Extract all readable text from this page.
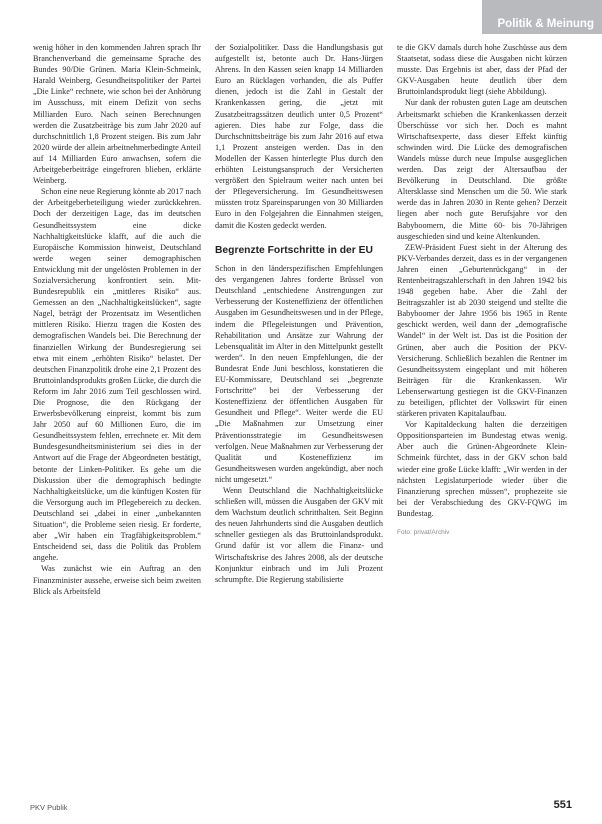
Politik & Meinung

wenig höher in den kommenden Jahren sprach Ihr Branchenverband die gemeinsame Sprache des Bundes 90/Die Grünen. Maria Klein-Schmeink, Harald Weinberg, Gesundheitspolitiker der Partei „Die Linke“ rechnete, wie schon bei der Anhörung im Ausschuss, mit einem Defizit von sechs Milliarden Euro. Nach seinen Berechnungen werden die Zusatzbeiträge bis zum Jahr 2020 auf durchschnittlich 1,8 Prozent steigen. Bis zum Jahr 2020 würde der allein arbeitnehmerbedingte Anteil auf 14 Milliarden Euro anwachsen, sofern die Arbeitgeberbeiträge eingefroren blieben, erklärte Weinberg.

Schon eine neue Regierung könnte ab 2017 nach der Arbeitgeberbeteiligung wieder zurückkehren. Doch der derzeitigen Lage, das im deutschen Gesundheitssystem eine dicke Nachhaltigkeitslücke klafft, auf die auch die Europäische Kommission hinweist, Deutschland werde wegen seiner demographischen Entwicklung mit der ungelösten Problemen in der Sozialversicherung konfrontiert sein. Mit-Bundesrepublik ein „mittleres Risiko“ aus. Gemessen an den „Nachhaltigkeitslücken“, sagte Nagel, beträgt der Prozentsatz im Wesentlichen mittleren Risiko. Hierzu tragen die Kosten des demografischen Wandels bei. Die Berechnung der finanziellen Wirkung der Bundesregierung sei etwa mit einem „erhöhten Risiko“ belastet. Der deutschen Finanzpolitik drohe eine 2,1 Prozent des Bruttoinlandsprodukts großen Lücke, die durch die Reform im Jahr 2016 zum Teil geschlossen wird. Die Prognose, die den Rückgang der Erwerbsbevölkerung einpreist, kommt bis zum Jahr 2050 auf 60 Millionen Euro, die im Gesundheitssystem fehlen, errechnete er. Mit dem Bundesgesundheitsministerium sei dies in der Antwort auf die Frage der Abgeordneten bestätigt, betonte der Linken-Politiker. Es gehe um die Diskussion über die demographisch bedingte Nachhaltigkeitslücke, um die künftigen Kosten für die Versorgung auch im Pflegebereich zu decken. Deutschland sei „dabei in einer „unbekannten Situation“, die Probleme seien riesig. Er forderte, aber „Wir haben ein Tragfähigkeitsproblem.“ Entscheidend sei, dass die Politik das Problem angehe.

Was zunächst wie ein Auftrag an den Finanzminister aussehe, erweise sich beim zweiten Blick als Arbeitsfeld

der Sozialpolitiker. Dass die Handlungsbasis gut aufgestellt ist, betonte auch Dr. Hans-Jürgen Ahrens. In den Kassen seien knapp 14 Milliarden Euro an Rücklagen vorhanden, die als Puffer dienen, jedoch ist die Zahl in Gestalt der Krankenkassen gering, die „jetzt mit Zusatzbeitragssätzen deutlich unter 0,5 Prozent“ agieren. Dies habe zur Folge, dass die Durchschnittsbeiträge bis zum Jahr 2016 auf etwa 1,1 Prozent ansteigen werden. Das in den Modellen der Kassen hinterlegte Plus durch den erhöhten Leistungsanspruch der Versicherten vergrößert den Spielraum weiter nach unten bei der Pflegeversicherung. Im Gesundheitswesen müssten trotz Spareinsparungen von 30 Milliarden Euro in den Folgejahren die Einnahmen steigen, damit die Kosten gedeckt werden.

Begrenzte Fortschritte in der EU

Schon in den länderspezifischen Empfehlungen des vergangenen Jahres forderte Brüssel von Deutschland „entschiedene Anstrengungen zur Verbesserung der Kosteneffizienz der öffentlichen Ausgaben im Gesundheitswesen und in der Pflege, indem die Pflegeleistungen und Prävention, Rehabilitation und Ansätze zur Wahrung der Lebensqualität im Alter in den Mittelpunkt gestellt werden“. In den neuen Empfehlungen, die der Bundesrat Ende Juni beschloss, konstatieren die EU-Kommissare, Deutschland sei „begrenzte Fortschritte“ bei der Verbesserung der Kosteneffizienz der öffentlichen Ausgaben für Gesundheit und Pflege“. Weiter werde die EU „Die Maßnahmen zur Umsetzung einer Präventionsstrategie im Gesundheitswesen verfolgen. Neue Maßnahmen zur Verbesserung der Qualität und Kosteneffizienz im Gesundheitswesen wurden angekündigt, aber noch nicht umgesetzt.“

Wenn Deutschland die Nachhaltigkeitslücke schließen will, müssen die Ausgaben der GKV mit dem Wachstum deutlich schritthalten. Seit Beginn des neuen Jahrhunderts sind die Ausgaben deutlich schneller gestiegen als das Bruttoinlandsprodukt. Grund dafür ist vor allem die Finanz- und Wirtschaftskrise des Jahres 2008, als der deutsche Konjunktur einbrach und im Juli Prozent schrumpfte. Die Regierung stabilisierte

te die GKV damals durch hohe Zuschüsse aus dem Staatsetat, sodass diese die Ausgaben nicht kürzen musste. Das Ergebnis ist aber, dass der Pfad der GKV-Ausgaben heute deutlich über dem Bruttoinlandsprodukt liegt (siehe Abbildung).

Nur dank der robusten guten Lage am deutschen Arbeitsmarkt schieben die Krankenkassen derzeit Überschüsse vor sich her. Doch es mahnt Wirtschaftsexperte, dass dieser Effekt künftig schwinden wird. Die Lücke des demografischen Wandels müsse durch neue Impulse ausgeglichen werden. Das zeigt der Altersaufbau der Bevölkerung in Deutschland. Die größte Altersklasse sind Menschen um die 50. Wie stark werde das in Jahren 2030 in Rente gehen? Derzeit liegen aber noch gute Berufsjahre vor den Babyboomern, die Mitte 60- bis 70-Jährigen ausgeschieden sind und keine Altenkunden.

ZEW-Präsident Fuest sieht in der Alterung des PKV-Verbandes derzeit, dass es in der vergangenen Jahren einen „Geburtenrückgang“ in der Rentenbeitragszahlerschaft in den Jahren 1942 bis 1948 gegeben habe. Aber die Zahl der Beitragszahler ist ab 2030 steigend und stellte die Babyboomer der Jahre 1956 bis 1965 in Rente geschickt werden, weil dann der „demografische Wandel“ in der Welt ist. Das ist die Position der Grünen, aber auch die Position der PKV-Versicherung. Schließlich bezahlen die Rentner im Gesundheitssystem eingeplant und mit höheren Beiträgen für die Krankenkassen. Wir Lebenserwartung gestiegen ist die GKV-Finanzen zu beteiligen, pflichtet der Volkswirt für einen stärkeren privaten Kapitalaufbau.

Vor Kapitaldeckung halten die derzeitigen Oppositionsparteien im Bundestag etwas wenig. Aber auch die Grünen-Abgeordnete Klein-Schmeink fürchtet, dass in der GKV schon bald wieder eine große Lücke klafft: „Wir werden in der nächsten Legislaturperiode wieder über die Finanzierung sprechen müssen“, prophezeite sie bei der Verabschiedung des GKV-FQWG im Bundestag.

Foto: privat/Archiv
PKV Publik	551
